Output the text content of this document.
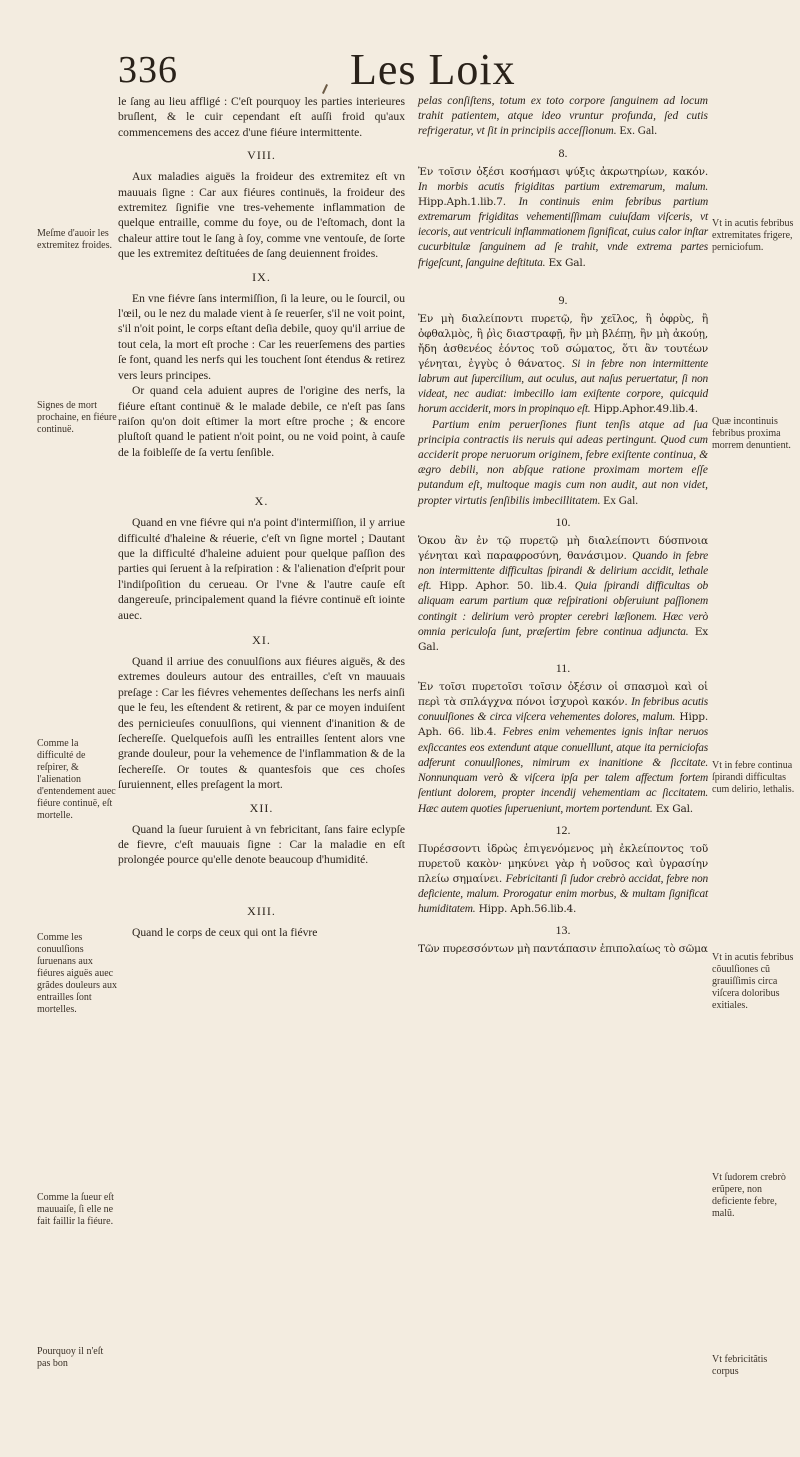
336	Les Loix

le ſang au lieu affligé : C'eſt pourquoy les parties interieures bruſlent, & le cuir cependant eſt auſſi froid qu'aux commencemens des accez d'une fiéure intermittente.

VIII.

Aux maladies aiguës la froideur des extremitez eſt vn mauuais ſigne : Car aux fiéures continuës, la froideur des extremitez ſignifie vne tres-vehemente inflammation de quelque entraille, comme du foye, ou de l'eſtomach, dont la chaleur attire tout le ſang à ſoy, comme vne ventouſe, de ſorte que les extremitez deſtituées de ſang deuiennent froides.

IX.

En vne fiévre ſans intermiſſion, ſi la leure, ou le ſourcil, ou l'œil, ou le nez du malade vient à ſe reuerſer, s'il ne voit point, s'il n'oit point, le corps eſtant deſia debile, quoy qu'il arriue de tout cela, la mort eſt proche : Car les reuerſemens des parties ſe font, quand les nerfs qui les touchent ſont étendus & retirez vers leurs principes.

Or quand cela aduient aupres de l'origine des nerfs, la fiéure eſtant continuë & le malade debile, ce n'eſt pas ſans raiſon qu'on doit eſtimer la mort eſtre proche ; & encore pluſtoſt quand le patient n'oit point, ou ne void point, à cauſe de la foibleſſe de ſa vertu ſenſible.

X.

Quand en vne fiévre qui n'a point d'intermiſſion, il y arriue difficulté d'haleine & réuerie, c'eſt vn ſigne mortel ; Dautant que la difficulté d'haleine aduient pour quelque paſſion des parties qui ſeruent à la reſpiration : & l'alienation d'eſprit pour l'indiſpoſition du cerueau. Or l'vne & l'autre cauſe eſt dangereuſe, principalement quand la fiévre continuë eſt iointe auec.

XI.

Quand il arriue des conuulſions aux fiéures aiguës, & des extremes douleurs autour des entrailles, c'eſt vn mauuais preſage : Car les fiévres vehementes deſſechans les nerfs ainſi que le feu, les eſtendent & retirent, & par ce moyen induiſent des pernicieuſes conuulſions, qui viennent d'inanition & de ſechereſſe. Quelquefois auſſi les entrailles ſentent alors vne grande douleur, pour la vehemence de l'inflammation & de la ſechereſſe. Or toutes & quantesfois que ces choſes ſuruiennent, elles preſagent la mort.

XII.

Quand la ſueur ſuruient à vn febricitant, ſans faire eclypſe de fievre, c'eſt mauuais ſigne : Car la maladie en eſt prolongée pource qu'elle denote beaucoup d'humidité.

XIII.

Quand le corps de ceux qui ont la fiévre

pelas conſiſtens, totum ex toto corpore ſanguinem ad locum trahit patientem, atque ideo vruntur profunda, ſed cutis refrigeratur, vt ſit in principiis acceſſionum. Ex. Gal.

8.

Ἐν τοῖσιν ὀξέσι κοσήμασι ψύξις ἀκρωτηρίων, κακόν. In morbis acutis frigiditas partium extremarum, malum. Hipp.Aph.1.lib.7. In continuis enim febribus partium extremarum frigiditas vehementiſſimam cuiuſdam viſceris, vt iecoris, aut ventriculi inflammationem ſignificat, cuius calor inſtar cucurbitulæ ſanguinem ad ſe trahit, vnde extrema partes frigeſcunt, ſanguine deſtituta. Ex Gal.

9.

Ἐν μὴ διαλείποντι πυρετῷ, ἢν χεῖλος, ἢ ὀφρὺς, ἢ ὀφθαλμὸς, ἢ ῥὶς διαστραφῇ, ἢν μὴ βλέπῃ, ἢν μὴ ἀκούῃ, ἤδη ἀσθενέος ἐόντος τοῦ σώματος, ὅτι ἂν τουτέων γένηται, ἐγγὺς ὁ θάνατος. Si in febre non intermittente labrum aut ſupercilium, aut oculus, aut naſus peruertatur, ſi non videat, nec audiat: imbecillo iam exiſtente corpore, quicquid horum acciderit, mors in propinquo eſt. Hipp.Aphor.49.lib.4.

Partium enim peruerſiones fiunt tenſis atque ad ſua principia contractis iis neruis qui adeas pertingunt. Quod cum acciderit prope neruorum originem, febre exiſtente continua, & ægro debili, non abſque ratione proximam mortem eſſe putandum eſt, multoque magis cum non audit, aut non videt, propter virtutis ſenſibilis imbecillitatem. Ex Gal.

10.

Ὁκου ἂν ἐν τῷ πυρετῷ μὴ διαλείποντι δύσπνοια γένηται καὶ παραφροσύνη, θανάσιμον. Quando in febre non intermittente difficultas ſpirandi & delirium accidit, lethale eſt. Hipp. Aphor. 50. lib.4. Quia ſpirandi difficultas ob aliquam earum partium quæ reſpirationi obſeruiunt paſſionem contingit : delirium verò propter cerebri læſionem. Hæc verò omnia periculoſa ſunt, præſertim febre continua adjuncta. Ex Gal.

11.

Ἐν τοῖσι πυρετοῖσι τοῖσιν ὀξέσιν οἱ σπασμοὶ καὶ οἱ περὶ τὰ σπλάγχνα πόνοι ἰσχυροὶ κακόν. In febribus acutis conuulſiones & circa viſcera vehementes dolores, malum. Hipp. Aph. 66. lib.4. Febres enim vehementes ignis inſtar neruos exſiccantes eos extendunt atque conuelllunt, atque ita perniciofas adferunt conuulſiones, nimirum ex inanitione & ſiccitate. Nonnunquam verò & viſcera ipſa per talem affectum fortem ſentiunt dolorem, propter incendij vehementiam ac ſiccitatem. Hæc autem quoties ſuperueniunt, mortem portendunt. Ex Gal.

12.

Πυρέσσοντι ἱδρὼς ἐπιγενόμενος μὴ ἐκλείποντος τοῦ πυρετοῦ κακὸν· μηκύνει γὰρ ἡ νοῦσος καὶ ὑγρασίην πλείω σημαίνει. Febricitanti ſi ſudor crebrò accidat, febre non deficiente, malum. Prorogatur enim morbus, & multam ſignificat humiditatem. Hipp. Aph.56.lib.4.

13.

Τῶν πυρεσσόντων μὴ παντάπασιν ἐπιπολαίως τὸ σῶμα

Meſme d'auoir les extremitez froides.
Signes de mort prochaine, en fiéure continuë.
Comme la difficulté de reſpirer, & l'alienation d'entendement auec fiéure continuë, eſt mortelle.
Comme les conuulſions ſuruenans aux fiéures aiguës auec grãdes douleurs aux entrailles ſont mortelles.
Comme la ſueur eſt mauuaiſe, ſi elle ne fait faillir la fiéure.
Pourquoy il n'eſt pas bon
Vt in acutis febribus extremitates frigere, perniciofum.
Quæ incontinuis febribus proxima morrem denuntient.
Vt in febre continua ſpirandi difficultas cum delirio, lethalis.
Vt in acutis febribus cõuulſiones cũ grauiſſimis circa viſcera doloribus exitiales.
Vt ſudorem crebrò erũpere, non deficiente febre, malũ.
Vt febricitãtis corpus
